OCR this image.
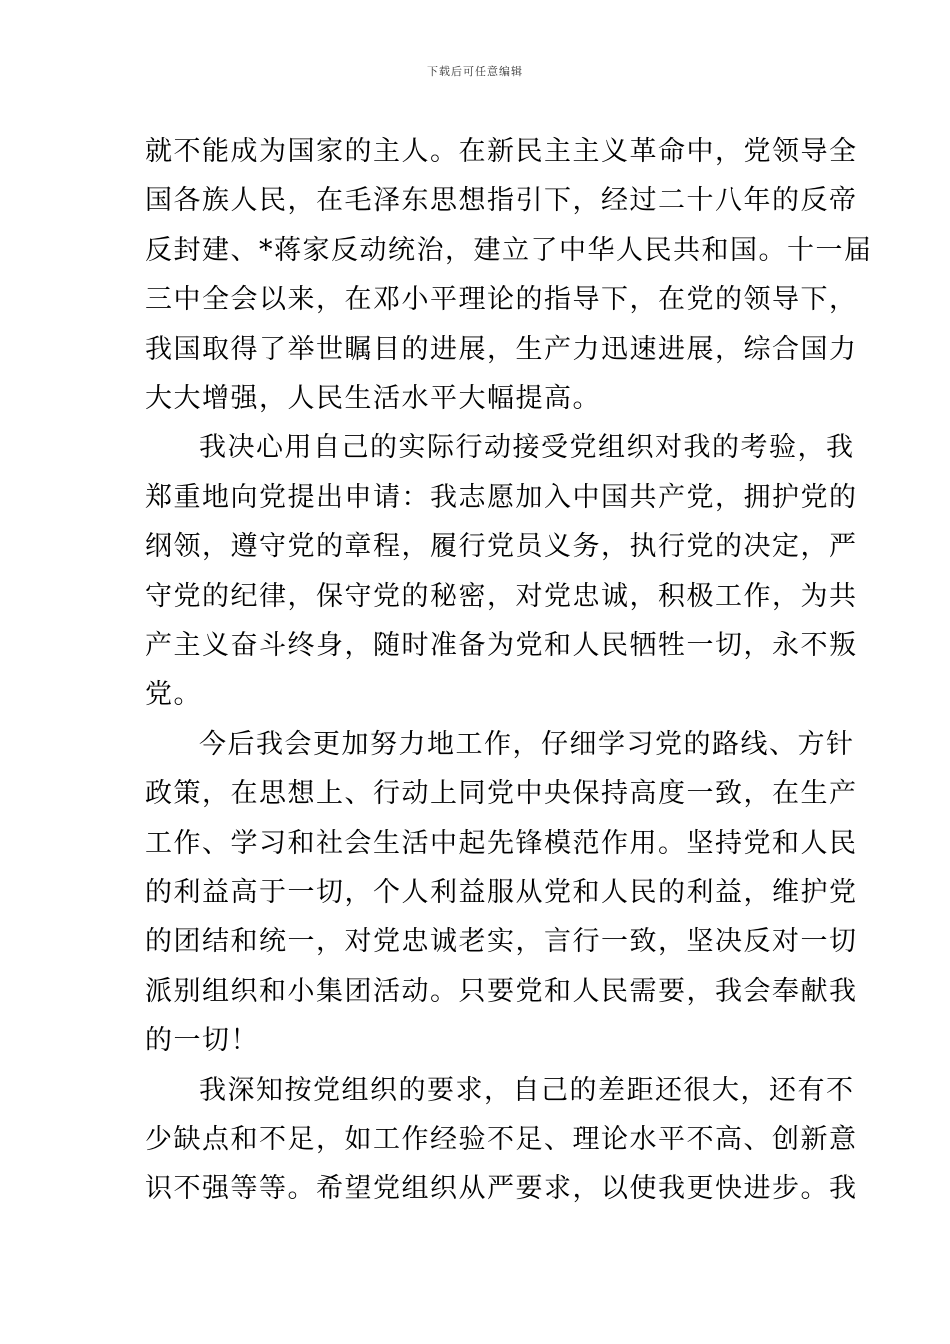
下载后可任意编辑
就不能成为国家的主人。在新民主主义革命中，党领导全
国各族人民，在毛泽东思想指引下，经过二十八年的反帝
反封建、*蒋家反动统治，建立了中华人民共和国。十一届
三中全会以来，在邓小平理论的指导下，在党的领导下，
我国取得了举世瞩目的进展，生产力迅速进展，综合国力
大大增强，人民生活水平大幅提高。
我决心用自己的实际行动接受党组织对我的考验，我
郑重地向党提出申请：我志愿加入中国共产党，拥护党的
纲领，遵守党的章程，履行党员义务，执行党的决定，严
守党的纪律，保守党的秘密，对党忠诚，积极工作，为共
产主义奋斗终身，随时准备为党和人民牺牲一切，永不叛
党。
今后我会更加努力地工作，仔细学习党的路线、方针
政策，在思想上、行动上同党中央保持高度一致，在生产
工作、学习和社会生活中起先锋模范作用。坚持党和人民
的利益高于一切，个人利益服从党和人民的利益，维护党
的团结和统一，对党忠诚老实，言行一致，坚决反对一切
派别组织和小集团活动。只要党和人民需要，我会奉献我
的一切！
我深知按党组织的要求，自己的差距还很大，还有不
少缺点和不足，如工作经验不足、理论水平不高、创新意
识不强等等。希望党组织从严要求，以使我更快进步。我
